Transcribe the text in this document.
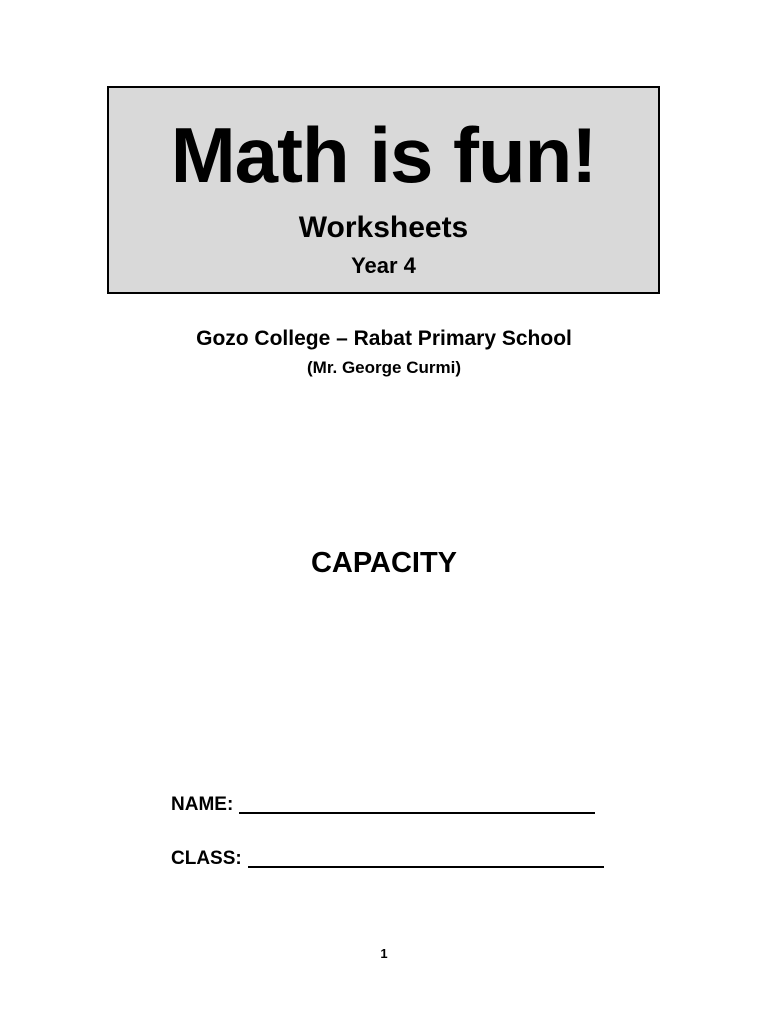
Math is fun!
Worksheets
Year 4
Gozo College – Rabat Primary School
(Mr. George Curmi)
CAPACITY
NAME:
CLASS:
1
